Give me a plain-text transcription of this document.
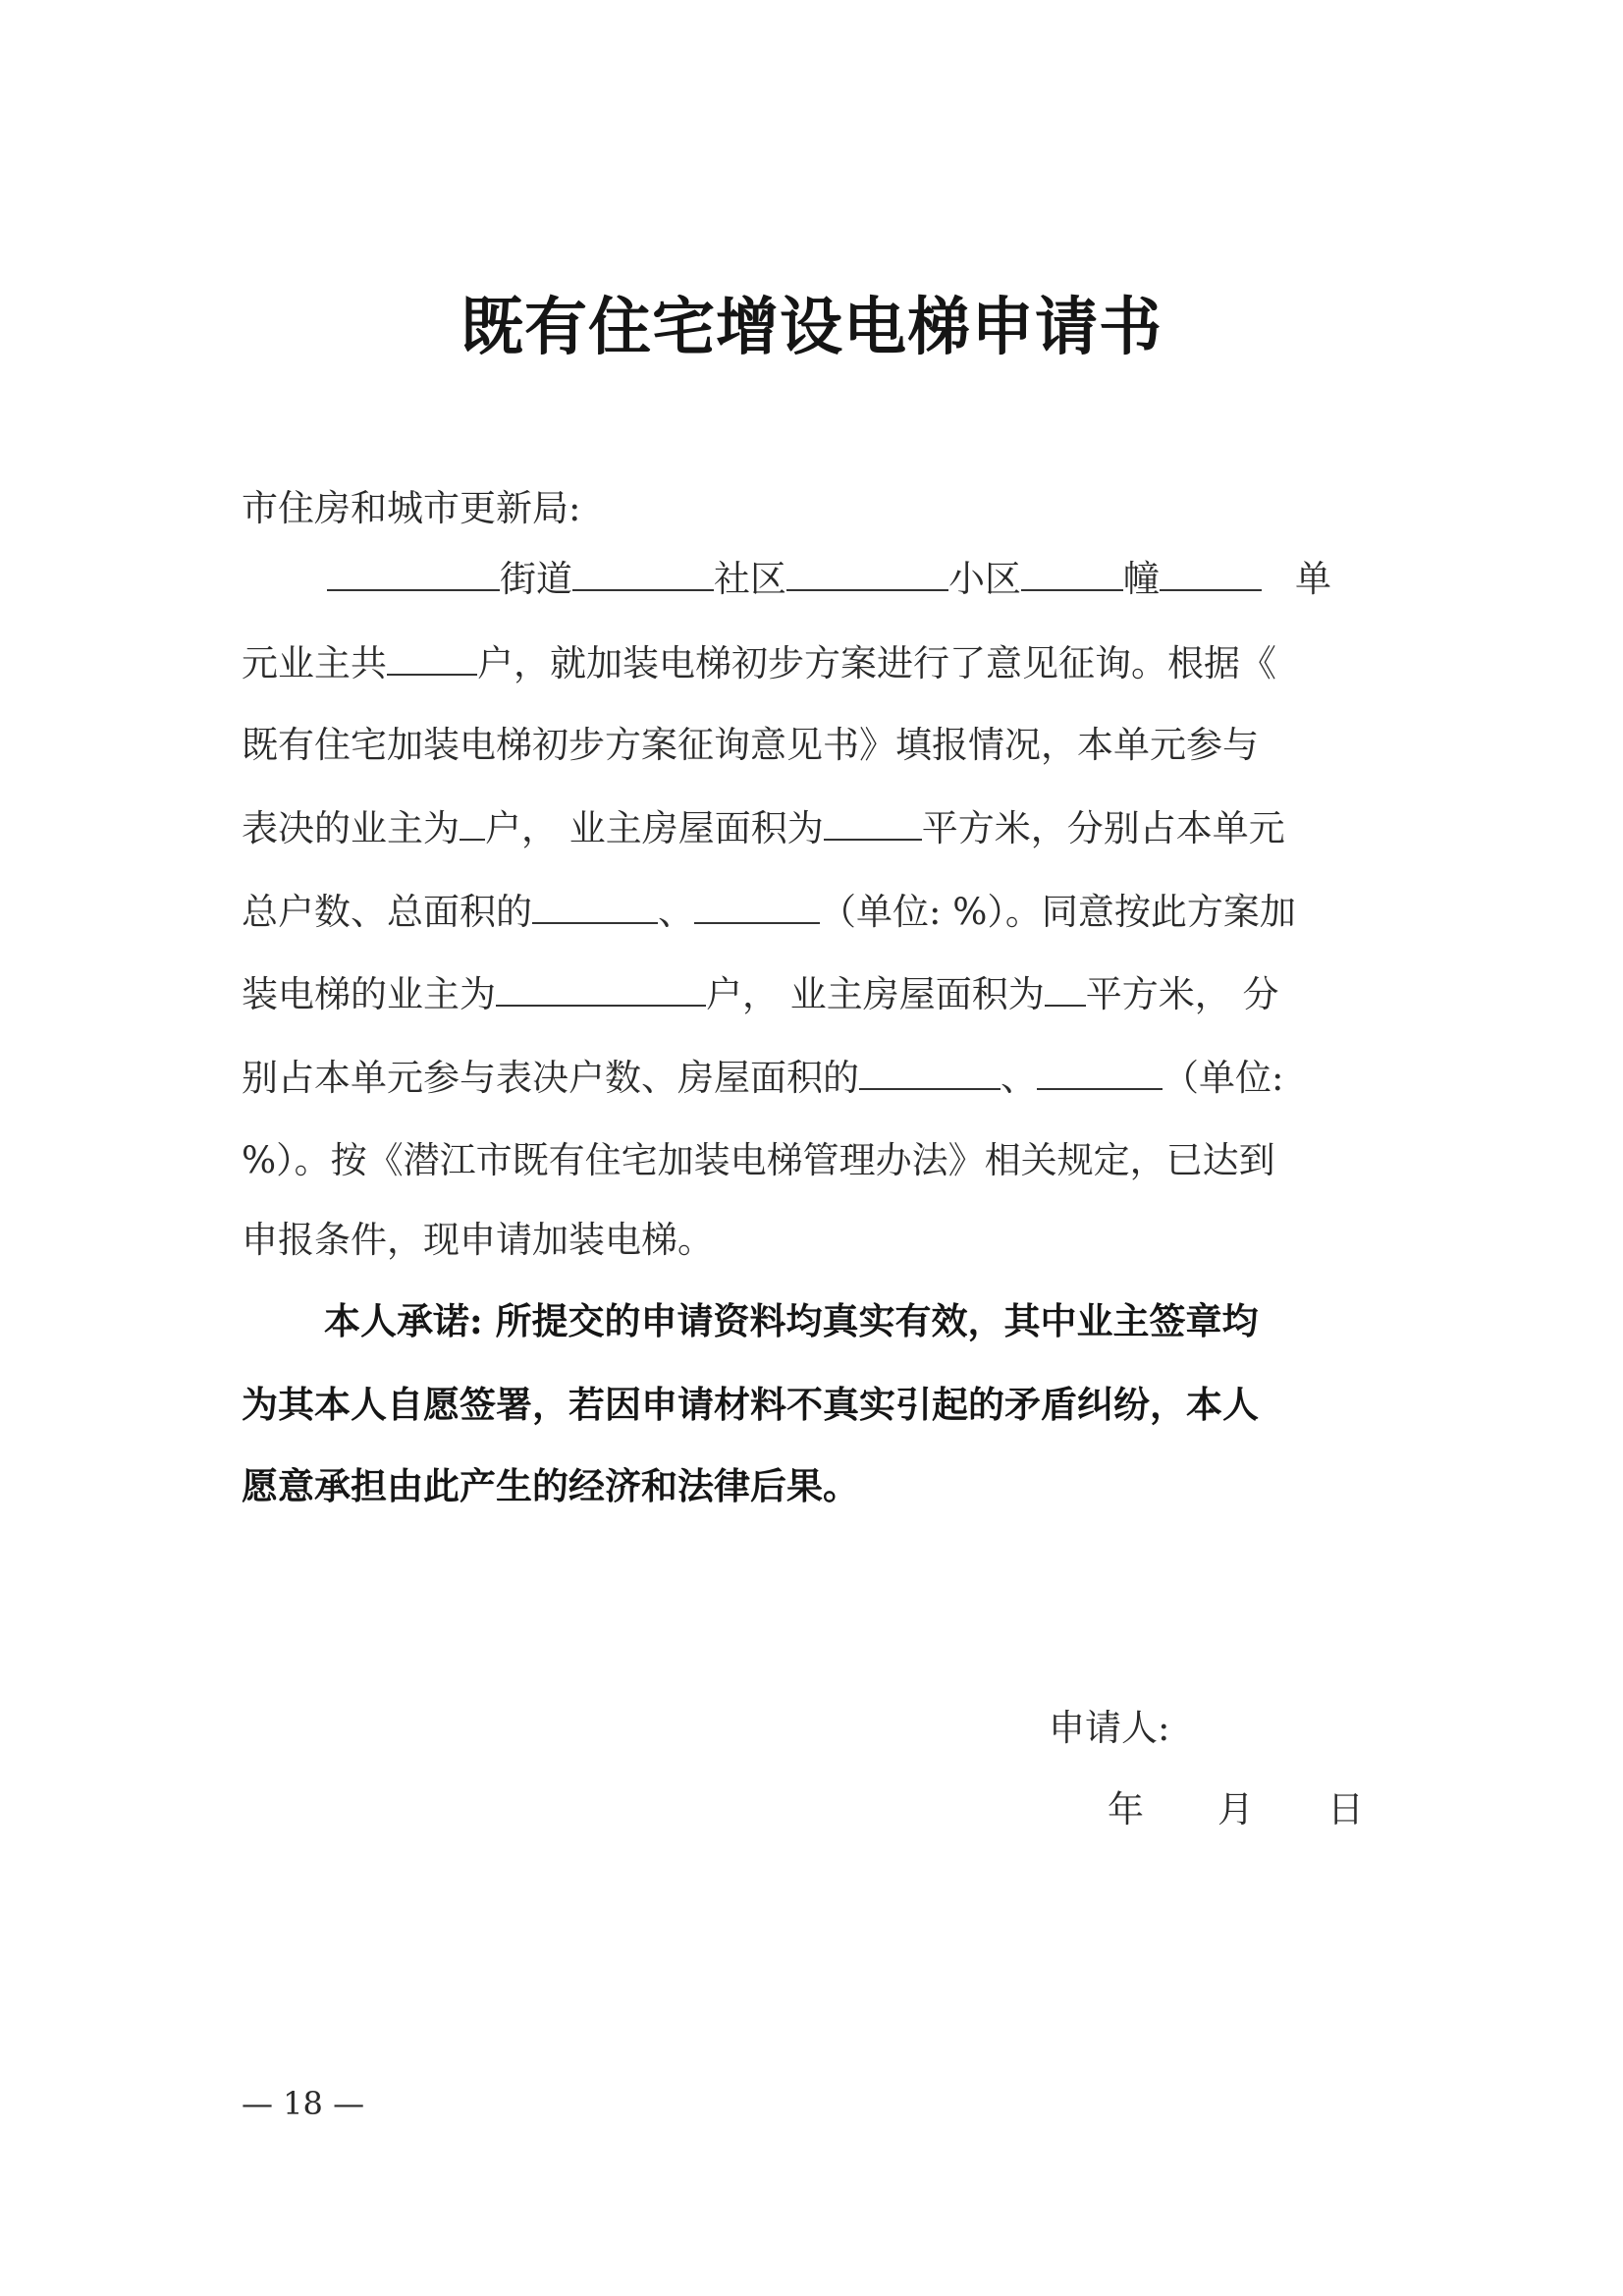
既有住宅增设电梯申请书
市住房和城市更新局:
街道	社区	小区	幢	单
元业主共 户，就加装电梯初步方案进行了意见征询。根据《
既有住宅加装电梯初步方案征询意见书》填报情况，本单元参与
表决的业主为 户， 业主房屋面积为	平方米，分别占本单元
总户数、总面积的	、	（单位: %）。同意按此方案加
装电梯的业主为	户， 业主房屋面积为 平方米， 分
别占本单元参与表决户数、房屋面积的	、	（单位:
%）。按《潜江市既有住宅加装电梯管理办法》相关规定，已达到
申报条件，现申请加装电梯。
本人承诺: 所提交的申请资料均真实有效，其中业主签章均
为其本人自愿签署，若因申请材料不真实引起的矛盾纠纷，本人
愿意承担由此产生的经济和法律后果。
申请人:
年 月 日
— 18 —
